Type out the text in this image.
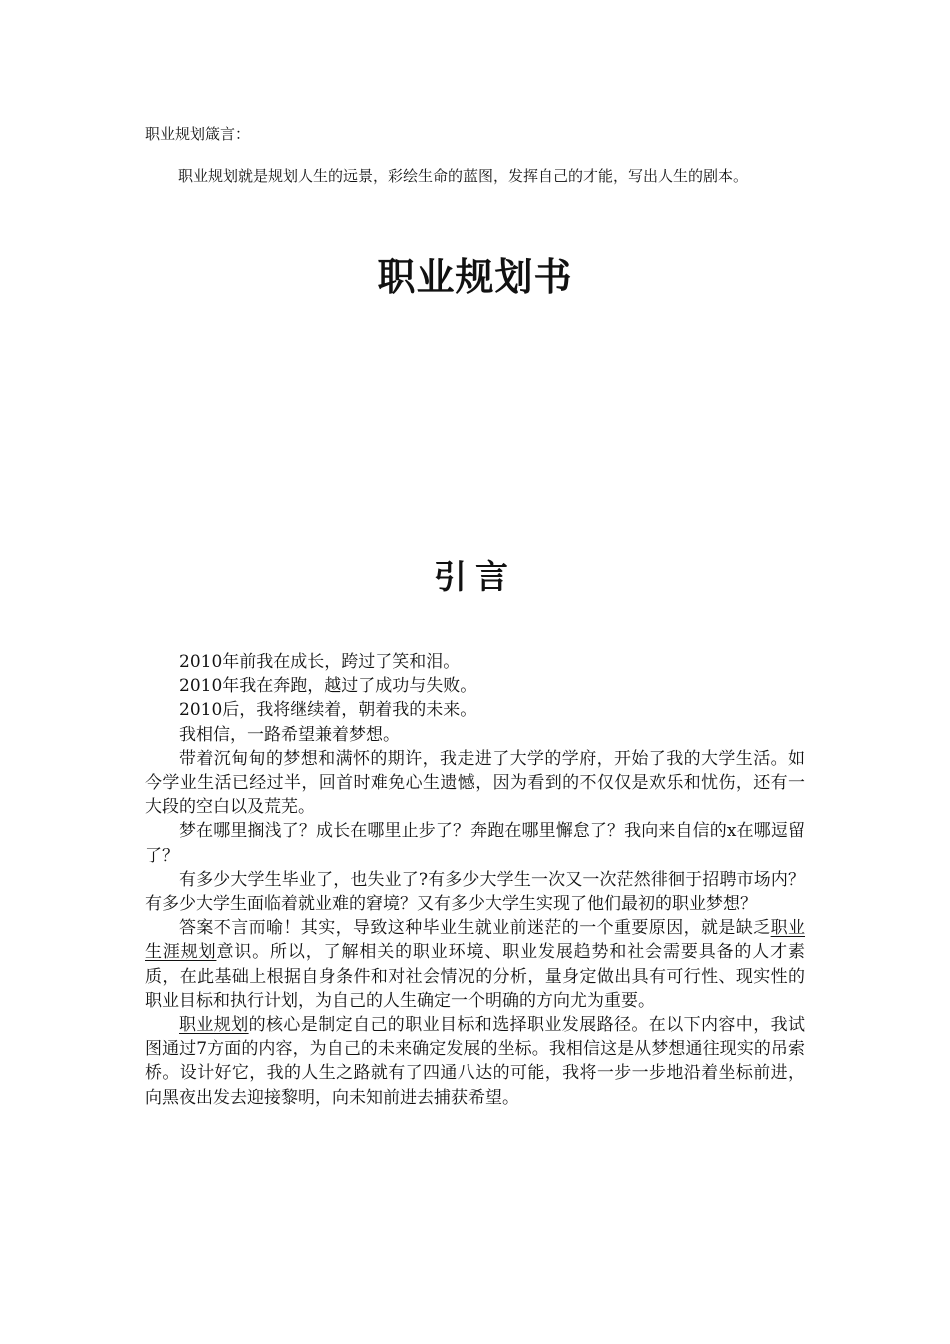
职业规划箴言：
职业规划就是规划人生的远景，彩绘生命的蓝图，发挥自己的才能，写出人生的剧本。
职业规划书
引言

2010年前我在成长，跨过了笑和泪。

2010年我在奔跑，越过了成功与失败。

2010后，我将继续着，朝着我的未来。

我相信，一路希望兼着梦想。

带着沉甸甸的梦想和满怀的期许，我走进了大学的学府，开始了我的大学生活。如今学业生活已经过半，回首时难免心生遗憾，因为看到的不仅仅是欢乐和忧伤，还有一大段的空白以及荒芜。

梦在哪里搁浅了？成长在哪里止步了？奔跑在哪里懈怠了？我向来自信的x在哪逗留了？

有多少大学生毕业了，也失业了?有多少大学生一次又一次茫然徘徊于招聘市场内？有多少大学生面临着就业难的窘境？又有多少大学生实现了他们最初的职业梦想？

答案不言而喻！其实，导致这种毕业生就业前迷茫的一个重要原因，就是缺乏职业生涯规划意识。所以，了解相关的职业环境、职业发展趋势和社会需要具备的人才素质，在此基础上根据自身条件和对社会情况的分析，量身定做出具有可行性、现实性的职业目标和执行计划，为自己的人生确定一个明确的方向尤为重要。

职业规划的核心是制定自己的职业目标和选择职业发展路径。在以下内容中，我试图通过7方面的内容，为自己的未来确定发展的坐标。我相信这是从梦想通往现实的吊索桥。设计好它，我的人生之路就有了四通八达的可能，我将一步一步地沿着坐标前进，向黑夜出发去迎接黎明，向未知前进去捕获希望。
